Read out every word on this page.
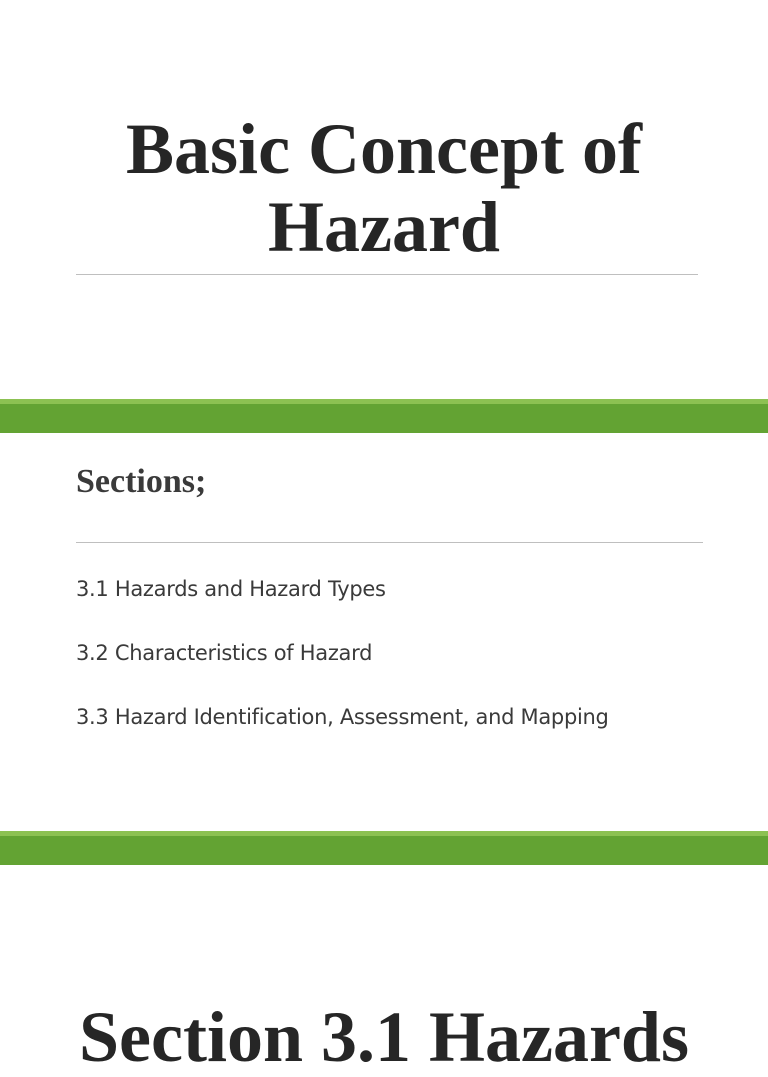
Basic Concept of
Hazard
Sections;
3.1 Hazards and Hazard Types
3.2 Characteristics of Hazard
3.3 Hazard Identification, Assessment, and Mapping
Section 3.1 Hazards
